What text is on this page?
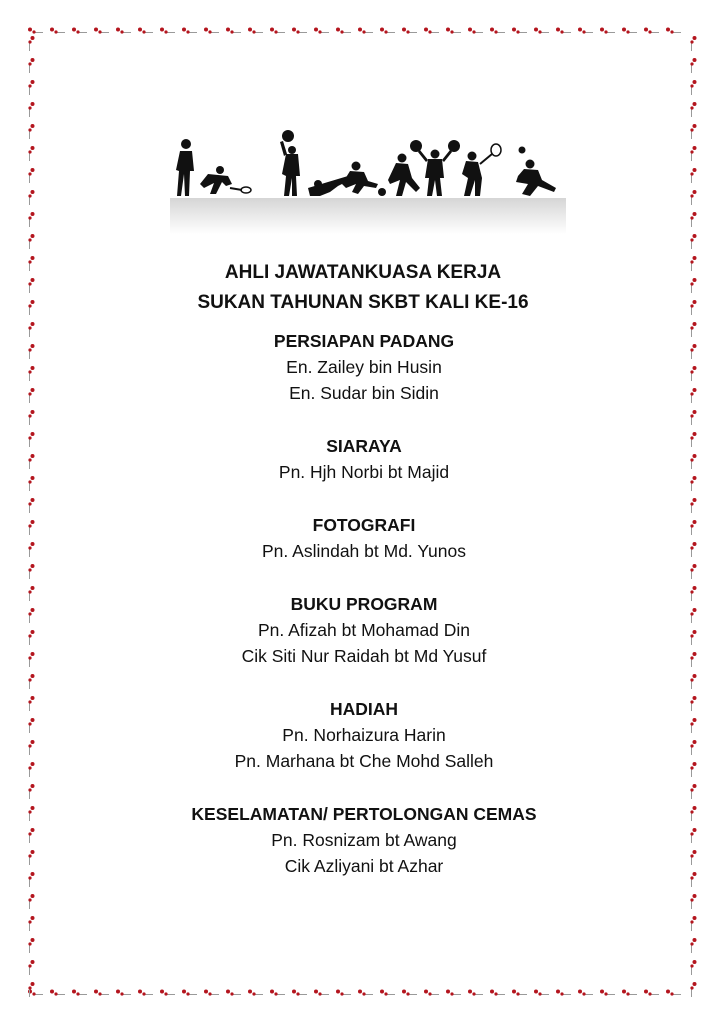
AHLI JAWATANKUASA KERJA

SUKAN TAHUNAN SKBT KALI KE-16

PERSIAPAN PADANG
En. Zailey bin Husin
En. Sudar bin Sidin
SIARAYA
Pn. Hjh Norbi bt Majid
FOTOGRAFI
Pn. Aslindah bt Md. Yunos
BUKU PROGRAM
Pn. Afizah bt Mohamad Din
Cik Siti Nur Raidah bt Md Yusuf
HADIAH
Pn. Norhaizura Harin
Pn. Marhana bt Che Mohd Salleh
KESELAMATAN/ PERTOLONGAN CEMAS
Pn. Rosnizam bt Awang
Cik Azliyani bt Azhar
